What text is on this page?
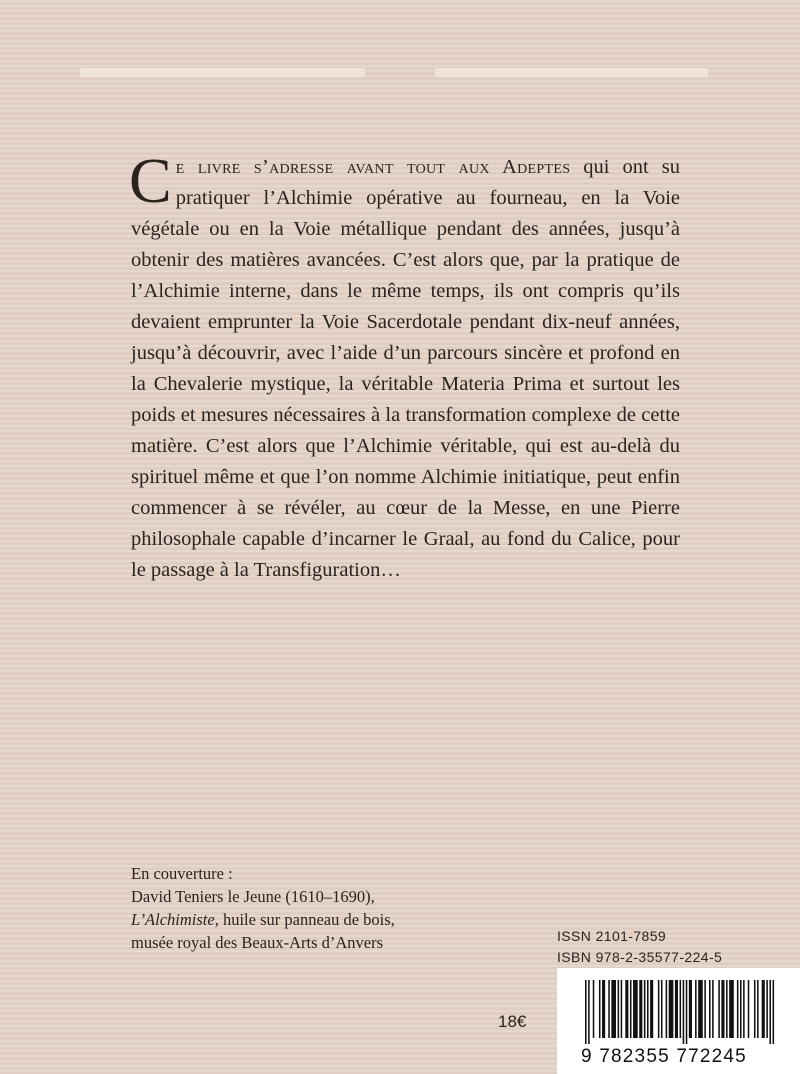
Ce livre s’adresse avant tout aux Adeptes qui ont su pratiquer l’Alchimie opérative au fourneau, en la Voie végétale ou en la Voie métallique pendant des années, jusqu’à obtenir des matières avancées. C’est alors que, par la pratique de l’Alchimie interne, dans le même temps, ils ont compris qu’ils devaient emprunter la Voie Sacerdotale pendant dix-neuf années, jusqu’à découvrir, avec l’aide d’un parcours sincère et profond en la Chevalerie mystique, la véritable Materia Prima et surtout les poids et mesures nécessaires à la transformation complexe de cette matière. C’est alors que l’Alchimie véritable, qui est au-delà du spirituel même et que l’on nomme Alchimie initiatique, peut enfin commencer à se révéler, au cœur de la Messe, en une Pierre philosophale capable d’incarner le Graal, au fond du Calice, pour le passage à la Transfiguration…

En couverture :
David Teniers le Jeune (1610–1690),
L’Alchimiste, huile sur panneau de bois,
musée royal des Beaux-Arts d’Anvers	ISSN 2101-7859
ISBN 978-2-35577-224-5
18€
9 782355 772245
